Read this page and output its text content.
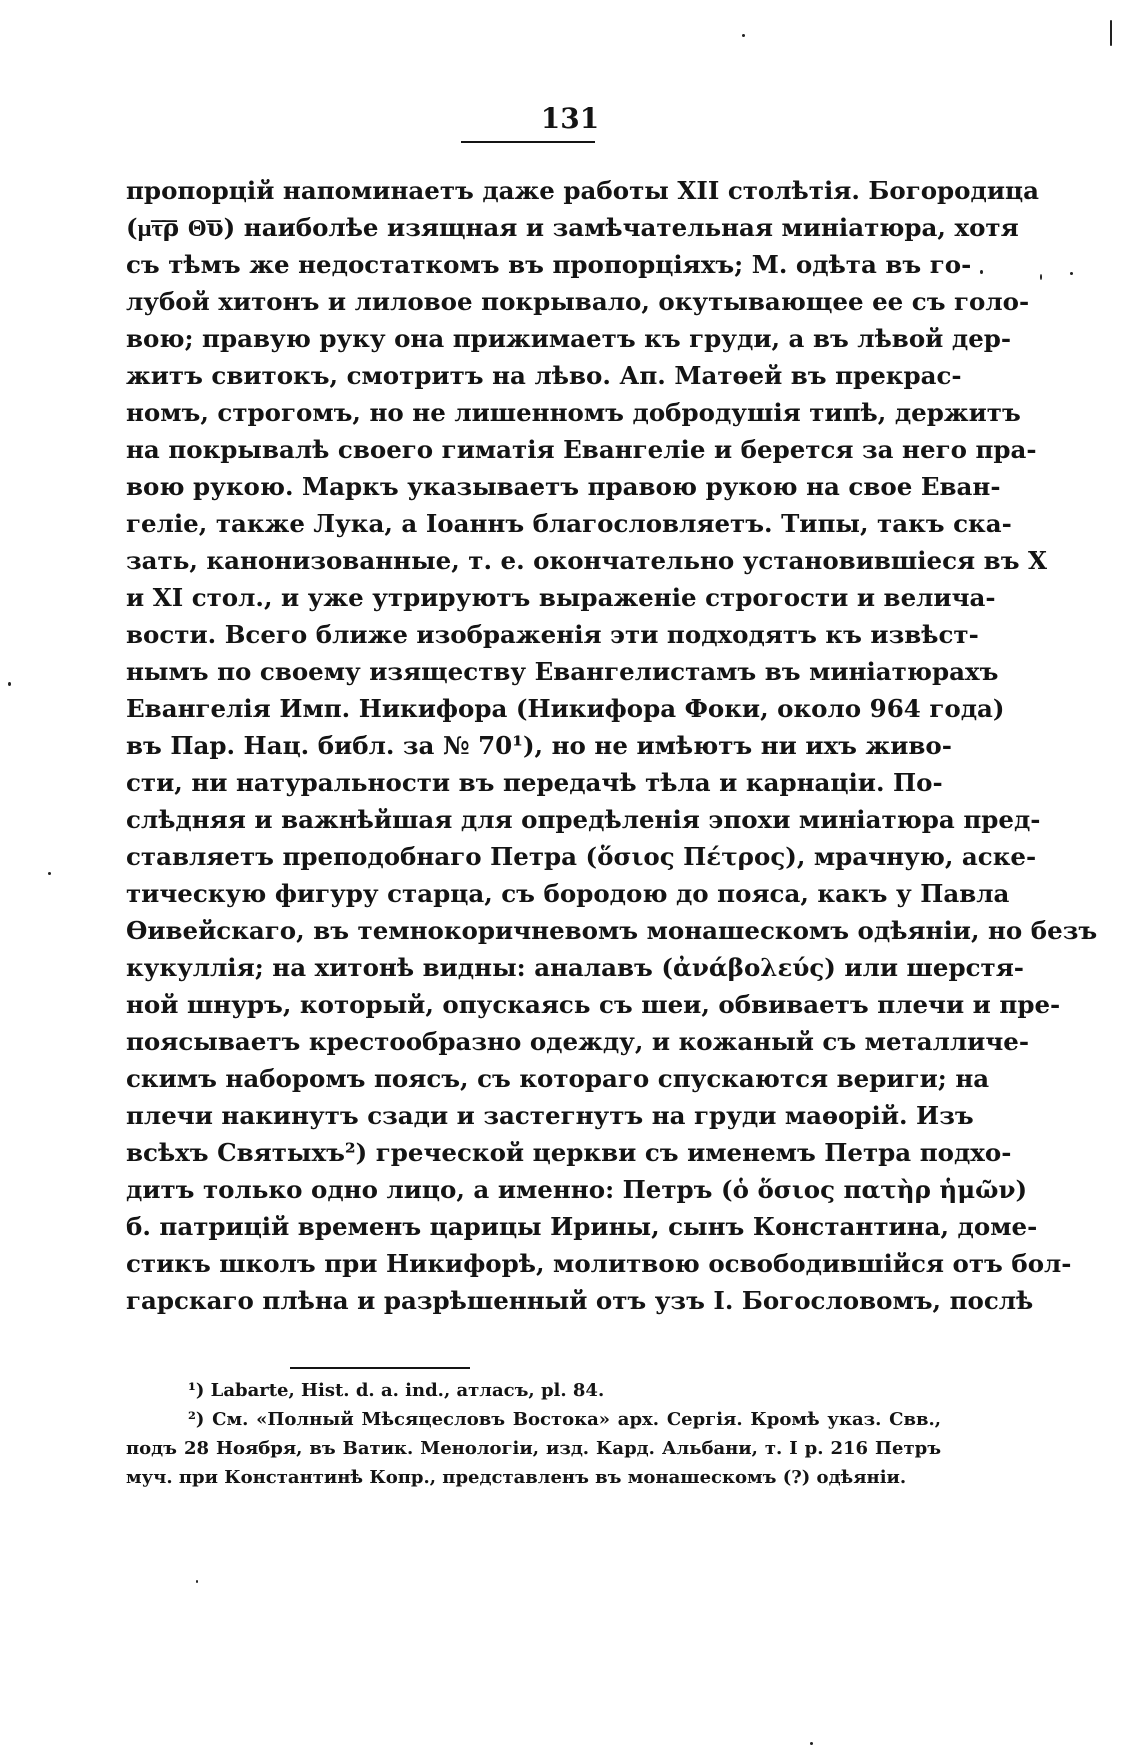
131
пропорцій напоминаетъ даже работы XII столѣтія. Богородица
(μ͞τ͞ρ Θ͞υ) наиболѣе изящная и замѣчательная миніатюра, хотя
съ тѣмъ же недостаткомъ въ пропорціяхъ; М. одѣта въ го-
лубой хитонъ и лиловое покрывало, окутывающее ее съ голо-
вою; правую руку она прижимаетъ къ груди, а въ лѣвой дер-
житъ свитокъ, смотритъ на лѣво. Ап. Матѳей въ прекрас-
номъ, строгомъ, но не лишенномъ добродушія типѣ, держитъ
на покрывалѣ своего гиматія Евангеліе и берется за него пра-
вою рукою. Маркъ указываетъ правою рукою на свое Еван-
геліе, также Лука, а Іоаннъ благословляетъ. Типы, такъ ска-
зать, канонизованные, т. е. окончательно установившіеся въ X
и XI стол., и уже утрируютъ выраженіе строгости и велича-
вости. Всего ближе изображенія эти подходятъ къ извѣст-
нымъ по своему изяществу Евангелистамъ въ миніатюрахъ
Евангелія Имп. Никифора (Никифора Фоки, около 964 года)
въ Пар. Нац. библ. за № 70¹), но не имѣютъ ни ихъ живо-
сти, ни натуральности въ передачѣ тѣла и карнаціи. По-
слѣдняя и важнѣйшая для опредѣленія эпохи миніатюра пред-
ставляетъ преподобнаго Петра (ὅσιος Πέτρος), мрачную, аске-
тическую фигуру старца, съ бородою до пояса, какъ у Павла
Ѳивейскаго, въ темнокоричневомъ монашескомъ одѣяніи, но безъ
кукуллія; на хитонѣ видны: аналавъ (ἀνάβολεύς) или шерстя-
ной шнуръ, который, опускаясь съ шеи, обвиваетъ плечи и пре-
поясываетъ крестообразно одежду, и кожаный съ металличе-
скимъ наборомъ поясъ, съ котораго спускаются вериги; на
плечи накинутъ сзади и застегнутъ на груди маѳорій. Изъ
всѣхъ Святыхъ²) греческой церкви съ именемъ Петра подхо-
дитъ только одно лицо, а именно: Петръ (ὁ ὅσιος πατὴρ ἡμῶν)
б. патрицій временъ царицы Ирины, сынъ Константина, доме-
стикъ школъ при Никифорѣ, молитвою освободившійся отъ бол-
гарскаго плѣна и разрѣшенный отъ узъ І. Богословомъ, послѣ
¹) Labarte, Hist. d. a. ind., атласъ, pl. 84.
²) См. «Полный Мѣсяцесловъ Востока» арх. Сергія. Кромѣ указ. Свв.,
подъ 28 Ноября, въ Ватик. Менологіи, изд. Кард. Альбани, т. I р. 216 Петръ
муч. при Константинѣ Копр., представленъ въ монашескомъ (?) одѣяніи.
